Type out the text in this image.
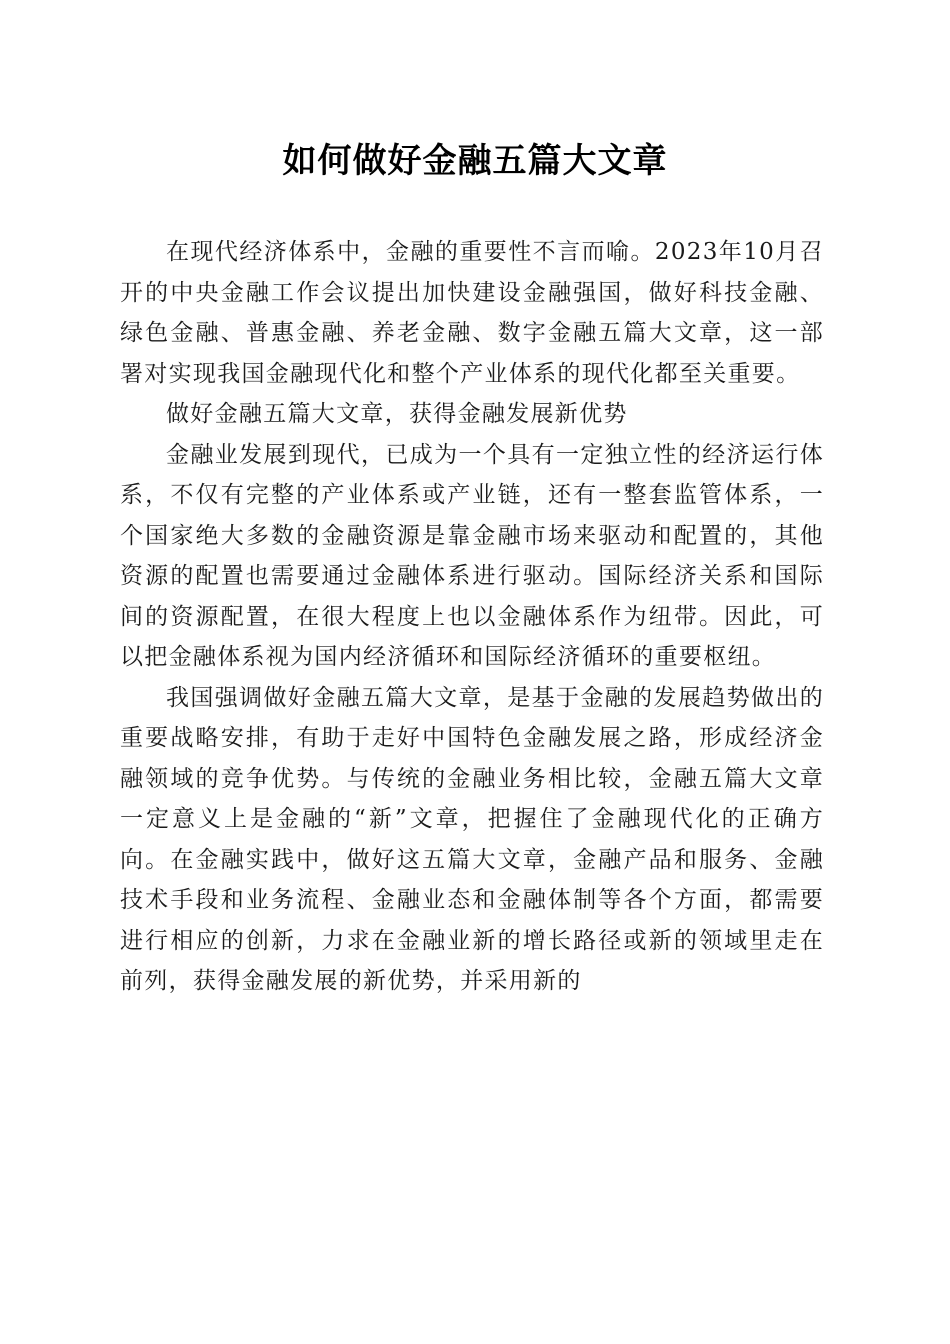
如何做好金融五篇大文章

在现代经济体系中，金融的重要性不言而喻。2023年10月召开的中央金融工作会议提出加快建设金融强国，做好科技金融、绿色金融、普惠金融、养老金融、数字金融五篇大文章，这一部署对实现我国金融现代化和整个产业体系的现代化都至关重要。

做好金融五篇大文章，获得金融发展新优势

金融业发展到现代，已成为一个具有一定独立性的经济运行体系，不仅有完整的产业体系或产业链，还有一整套监管体系，一个国家绝大多数的金融资源是靠金融市场来驱动和配置的，其他资源的配置也需要通过金融体系进行驱动。国际经济关系和国际间的资源配置，在很大程度上也以金融体系作为纽带。因此，可以把金融体系视为国内经济循环和国际经济循环的重要枢纽。

我国强调做好金融五篇大文章，是基于金融的发展趋势做出的重要战略安排，有助于走好中国特色金融发展之路，形成经济金融领域的竞争优势。与传统的金融业务相比较，金融五篇大文章一定意义上是金融的“新”文章，把握住了金融现代化的正确方向。在金融实践中，做好这五篇大文章，金融产品和服务、金融技术手段和业务流程、金融业态和金融体制等各个方面，都需要进行相应的创新，力求在金融业新的增长路径或新的领域里走在前列，获得金融发展的新优势，并采用新的
